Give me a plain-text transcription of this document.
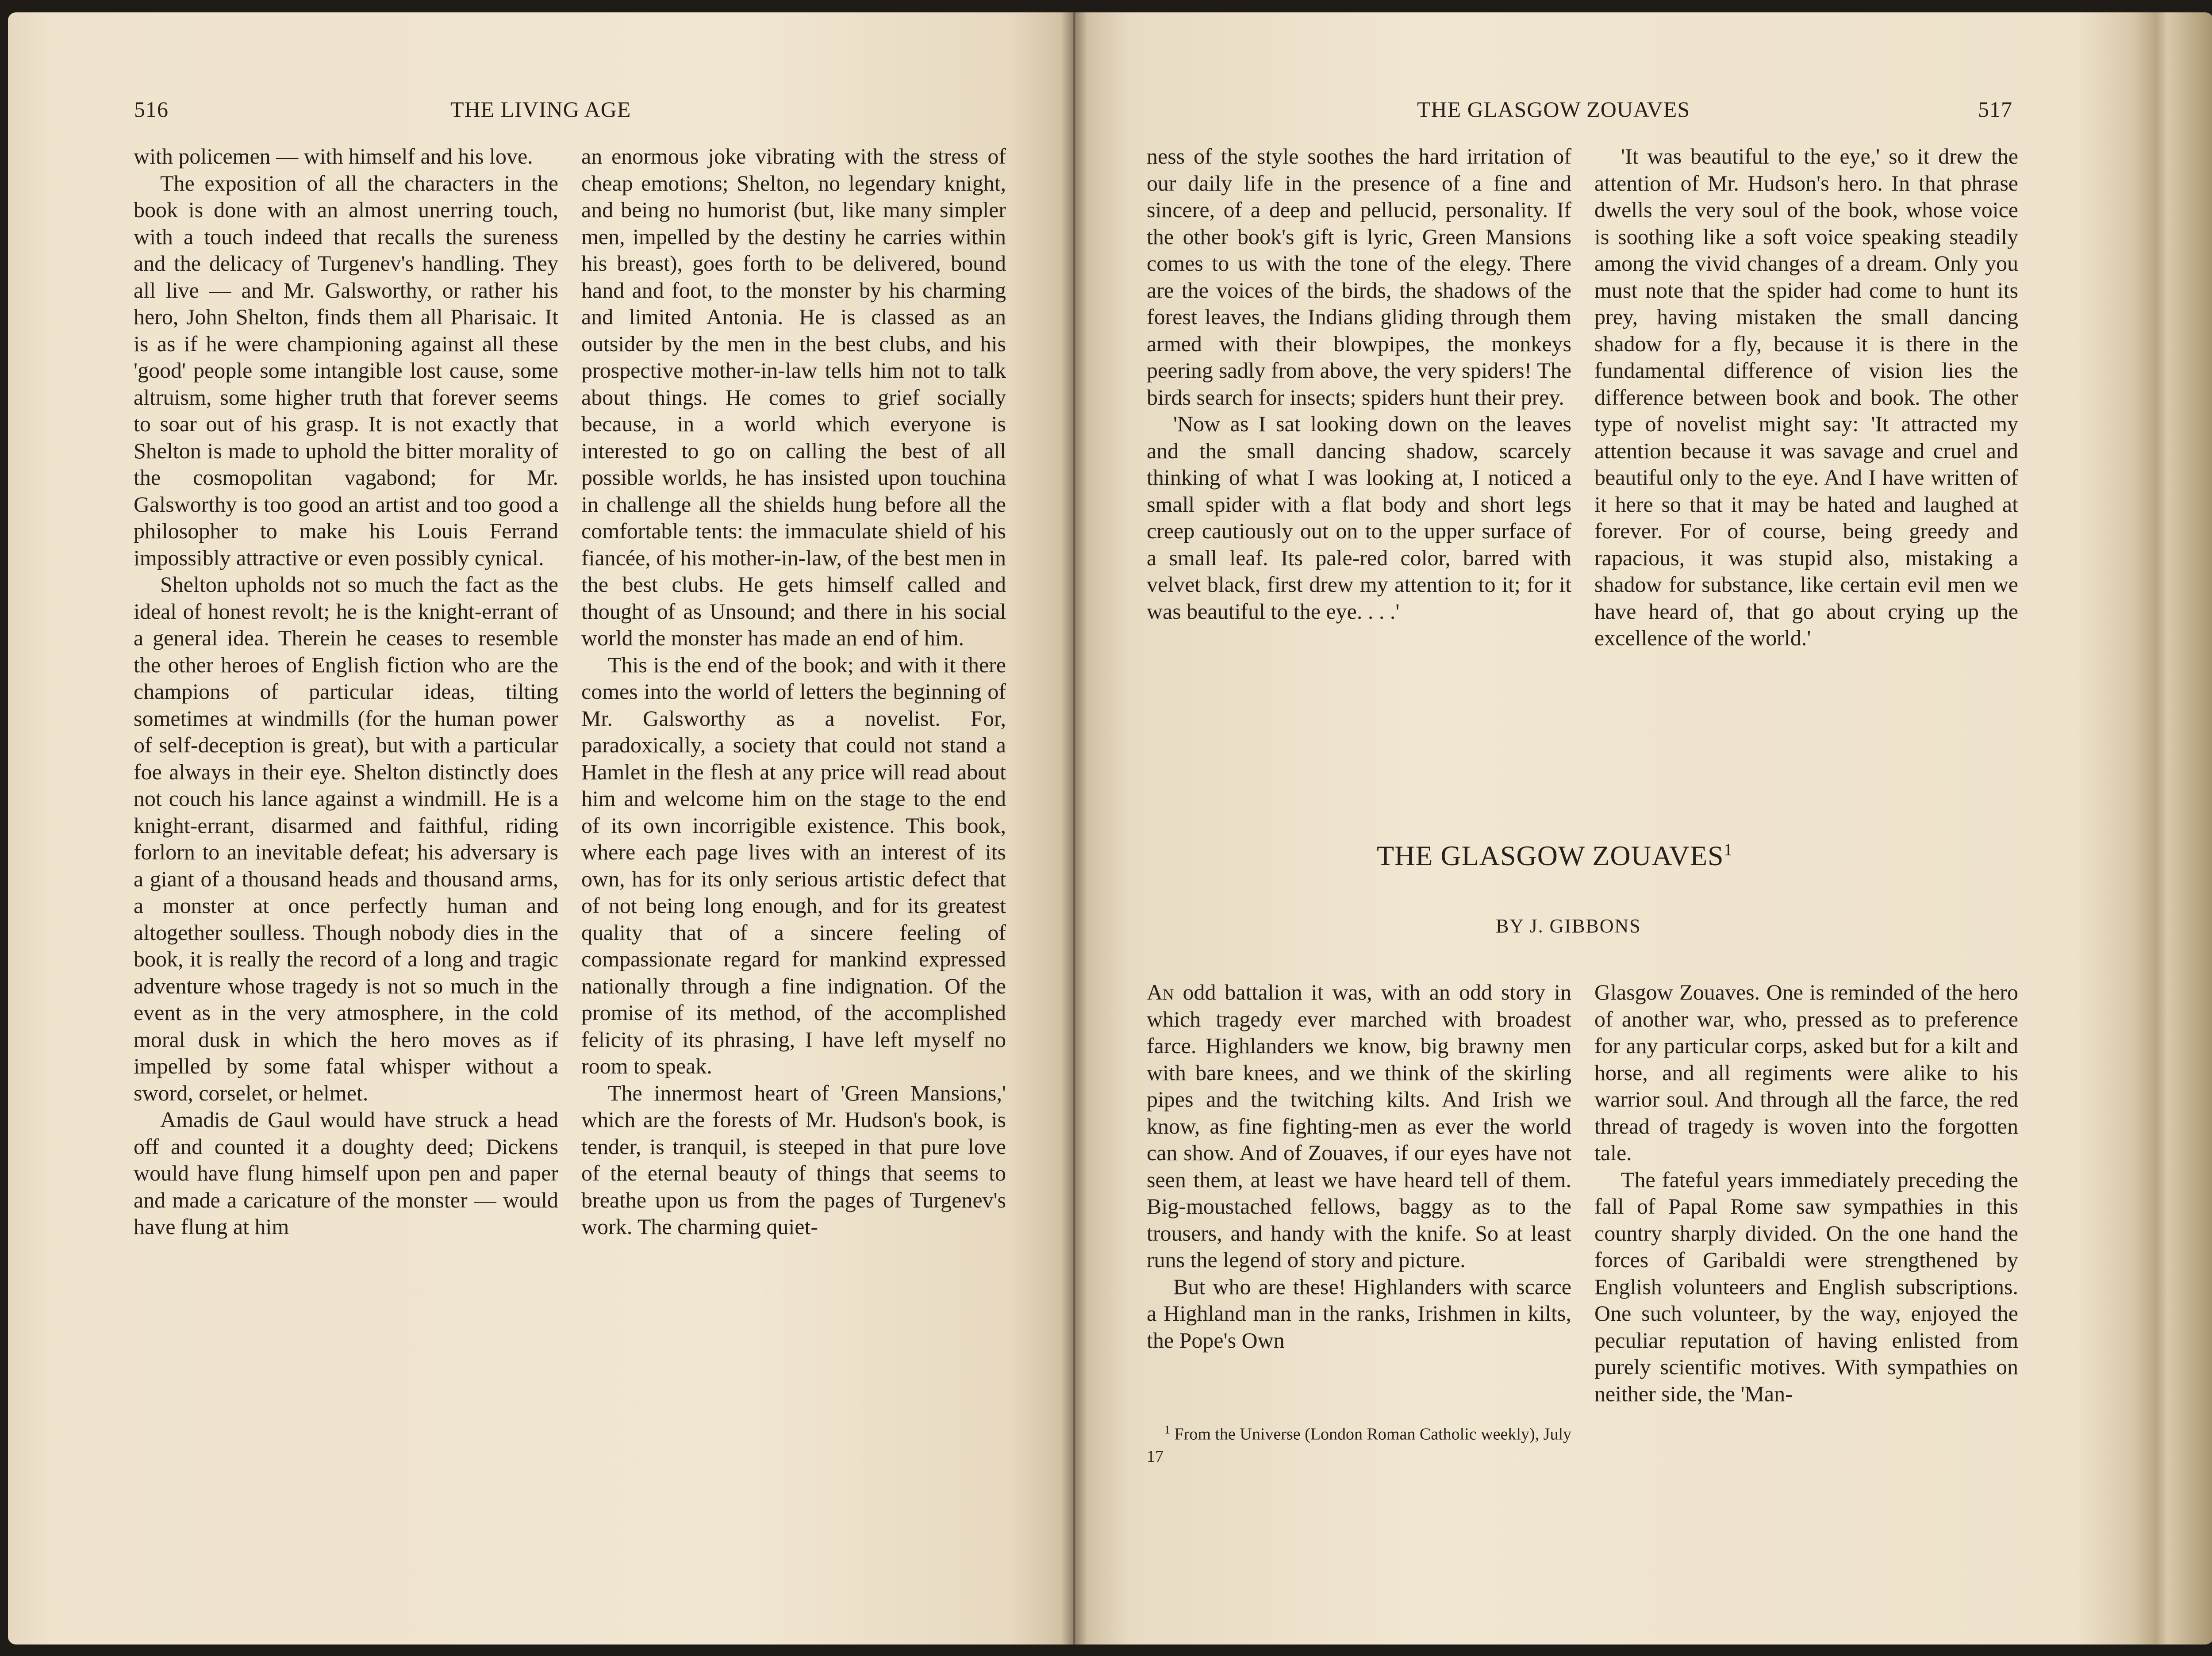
516	THE LIVING AGE

with policemen — with himself and his love.

The exposition of all the characters in the book is done with an almost unerring touch, with a touch indeed that recalls the sureness and the delicacy of Turgenev's handling. They all live — and Mr. Galsworthy, or rather his hero, John Shelton, finds them all Pharisaic. It is as if he were championing against all these 'good' people some intangible lost cause, some altruism, some higher truth that forever seems to soar out of his grasp. It is not exactly that Shelton is made to uphold the bitter morality of the cosmopolitan vagabond; for Mr. Galsworthy is too good an artist and too good a philosopher to make his Louis Ferrand impossibly attractive or even possibly cynical.

Shelton upholds not so much the fact as the ideal of honest revolt; he is the knight-errant of a general idea. Therein he ceases to resemble the other heroes of English fiction who are the champions of particular ideas, tilting sometimes at windmills (for the human power of self-deception is great), but with a particular foe always in their eye. Shelton distinctly does not couch his lance against a windmill. He is a knight-errant, disarmed and faithful, riding forlorn to an inevitable defeat; his adversary is a giant of a thousand heads and thousand arms, a monster at once perfectly human and altogether soulless. Though nobody dies in the book, it is really the record of a long and tragic adventure whose tragedy is not so much in the event as in the very atmosphere, in the cold moral dusk in which the hero moves as if impelled by some fatal whisper without a sword, corselet, or helmet.

Amadis de Gaul would have struck a head off and counted it a doughty deed; Dickens would have flung himself upon pen and paper and made a caricature of the monster — would have flung at him

an enormous joke vibrating with the stress of cheap emotions; Shelton, no legendary knight, and being no humorist (but, like many simpler men, impelled by the destiny he carries within his breast), goes forth to be delivered, bound hand and foot, to the monster by his charming and limited Antonia. He is classed as an outsider by the men in the best clubs, and his prospective mother-in-law tells him not to talk about things. He comes to grief socially because, in a world which everyone is interested to go on calling the best of all possible worlds, he has insisted upon touchina in challenge all the shields hung before all the comfortable tents: the immaculate shield of his fiancée, of his mother-in-law, of the best men in the best clubs. He gets himself called and thought of as Unsound; and there in his social world the monster has made an end of him.

This is the end of the book; and with it there comes into the world of letters the beginning of Mr. Galsworthy as a novelist. For, paradoxically, a society that could not stand a Hamlet in the flesh at any price will read about him and welcome him on the stage to the end of its own incorrigible existence. This book, where each page lives with an interest of its own, has for its only serious artistic defect that of not being long enough, and for its greatest quality that of a sincere feeling of compassionate regard for mankind expressed nationally through a fine indignation. Of the promise of its method, of the accomplished felicity of its phrasing, I have left myself no room to speak.

The innermost heart of 'Green Mansions,' which are the forests of Mr. Hudson's book, is tender, is tranquil, is steeped in that pure love of the eternal beauty of things that seems to breathe upon us from the pages of Turgenev's work. The charming quiet-

THE GLASGOW ZOUAVES	517

ness of the style soothes the hard irritation of our daily life in the presence of a fine and sincere, of a deep and pellucid, personality. If the other book's gift is lyric, Green Mansions comes to us with the tone of the elegy. There are the voices of the birds, the shadows of the forest leaves, the Indians gliding through them armed with their blowpipes, the monkeys peering sadly from above, the very spiders! The birds search for insects; spiders hunt their prey.

'Now as I sat looking down on the leaves and the small dancing shadow, scarcely thinking of what I was looking at, I noticed a small spider with a flat body and short legs creep cautiously out on to the upper surface of a small leaf. Its pale-red color, barred with velvet black, first drew my attention to it; for it was beautiful to the eye. . . .'

'It was beautiful to the eye,' so it drew the attention of Mr. Hudson's hero. In that phrase dwells the very soul of the book, whose voice is soothing like a soft voice speaking steadily among the vivid changes of a dream. Only you must note that the spider had come to hunt its prey, having mistaken the small dancing shadow for a fly, because it is there in the fundamental difference of vision lies the difference between book and book. The other type of novelist might say: 'It attracted my attention because it was savage and cruel and beautiful only to the eye. And I have written of it here so that it may be hated and laughed at forever. For of course, being greedy and rapacious, it was stupid also, mistaking a shadow for substance, like certain evil men we have heard of, that go about crying up the excellence of the world.'

THE GLASGOW ZOUAVES$^1$
BY J. GIBBONS

An odd battalion it was, with an odd story in which tragedy ever marched with broadest farce. Highlanders we know, big brawny men with bare knees, and we think of the skirling pipes and the twitching kilts. And Irish we know, as fine fighting-men as ever the world can show. And of Zouaves, if our eyes have not seen them, at least we have heard tell of them. Big-moustached fellows, baggy as to the trousers, and handy with the knife. So at least runs the legend of story and picture.

But who are these! Highlanders with scarce a Highland man in the ranks, Irishmen in kilts, the Pope's Own

$^1$ From the Universe (London Roman Catholic weekly), July 17

Glasgow Zouaves. One is reminded of the hero of another war, who, pressed as to preference for any particular corps, asked but for a kilt and horse, and all regiments were alike to his warrior soul. And through all the farce, the red thread of tragedy is woven into the forgotten tale.

The fateful years immediately preceding the fall of Papal Rome saw sympathies in this country sharply divided. On the one hand the forces of Garibaldi were strengthened by English volunteers and English subscriptions. One such volunteer, by the way, enjoyed the peculiar reputation of having enlisted from purely scientific motives. With sympathies on neither side, the 'Man-
